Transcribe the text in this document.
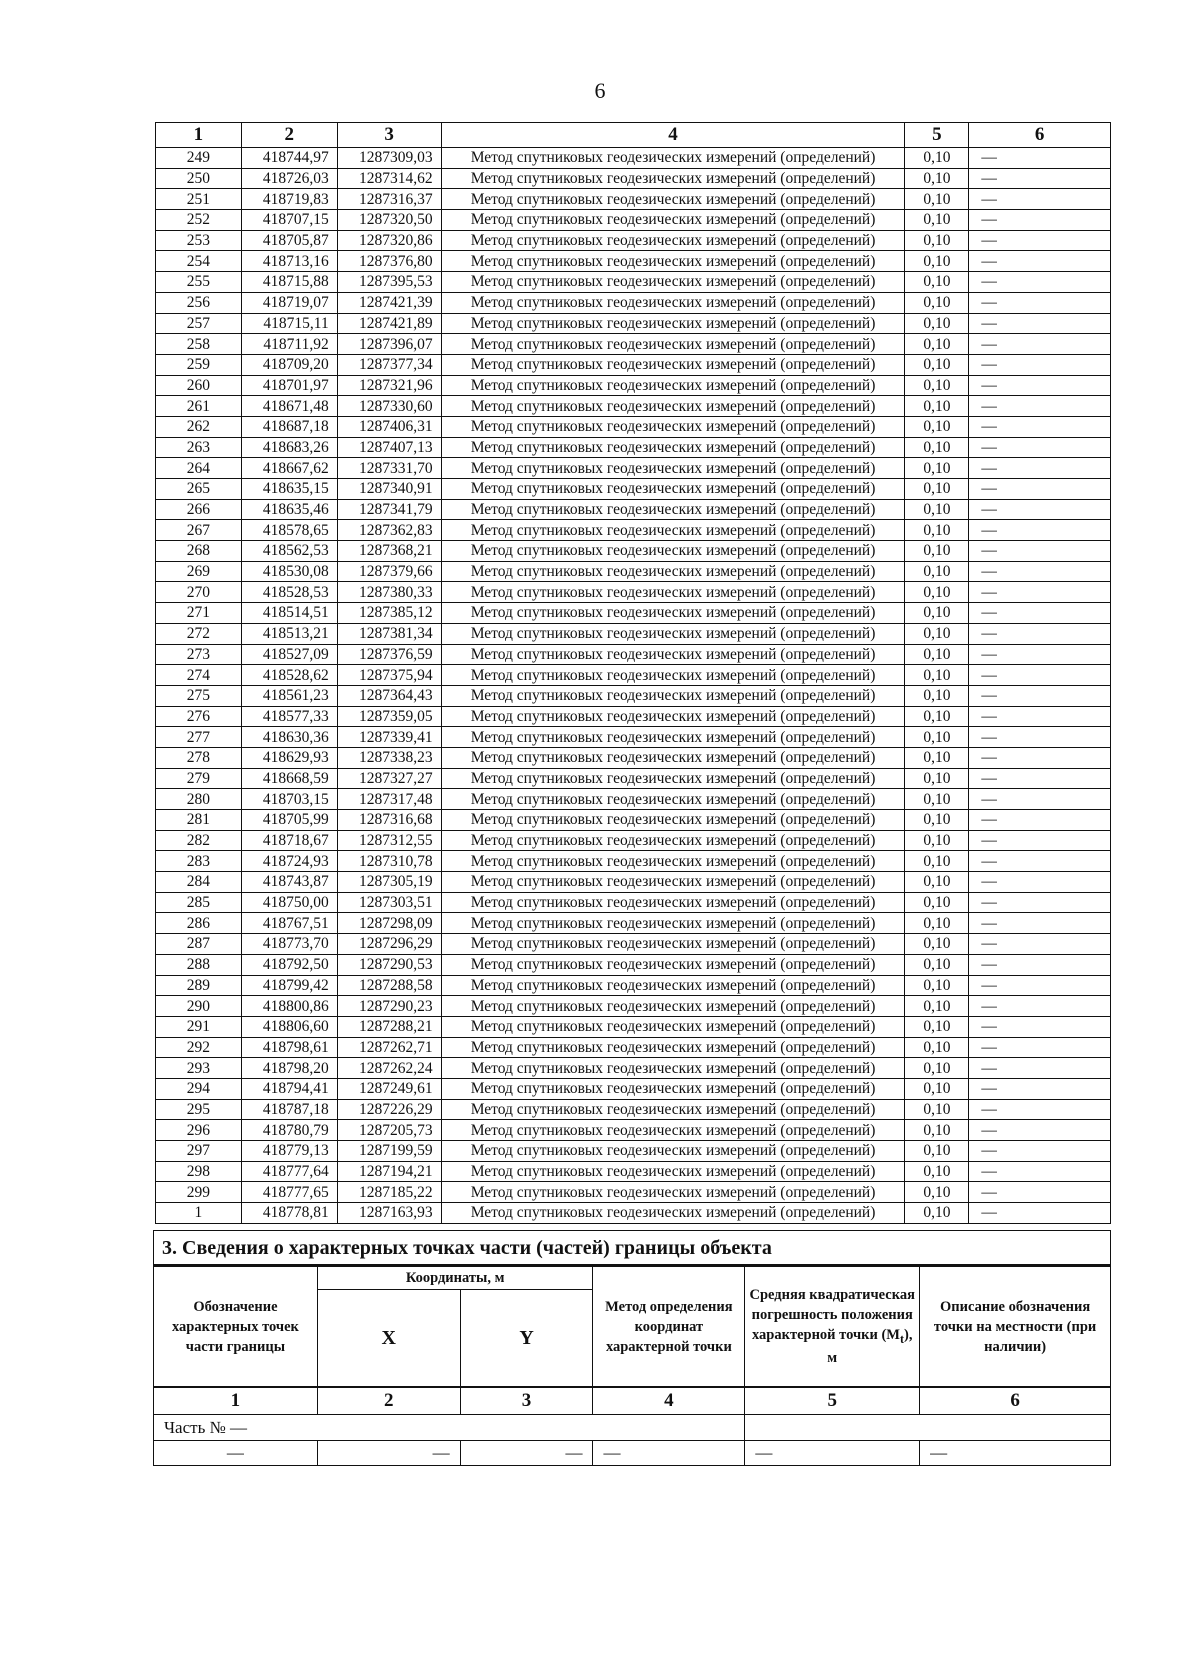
6
1	2	3	4	5	6
249	418744,97	1287309,03	Метод спутниковых геодезических измерений (определений)	0,10	—
250	418726,03	1287314,62	Метод спутниковых геодезических измерений (определений)	0,10	—
251	418719,83	1287316,37	Метод спутниковых геодезических измерений (определений)	0,10	—
252	418707,15	1287320,50	Метод спутниковых геодезических измерений (определений)	0,10	—
253	418705,87	1287320,86	Метод спутниковых геодезических измерений (определений)	0,10	—
254	418713,16	1287376,80	Метод спутниковых геодезических измерений (определений)	0,10	—
255	418715,88	1287395,53	Метод спутниковых геодезических измерений (определений)	0,10	—
256	418719,07	1287421,39	Метод спутниковых геодезических измерений (определений)	0,10	—
257	418715,11	1287421,89	Метод спутниковых геодезических измерений (определений)	0,10	—
258	418711,92	1287396,07	Метод спутниковых геодезических измерений (определений)	0,10	—
259	418709,20	1287377,34	Метод спутниковых геодезических измерений (определений)	0,10	—
260	418701,97	1287321,96	Метод спутниковых геодезических измерений (определений)	0,10	—
261	418671,48	1287330,60	Метод спутниковых геодезических измерений (определений)	0,10	—
262	418687,18	1287406,31	Метод спутниковых геодезических измерений (определений)	0,10	—
263	418683,26	1287407,13	Метод спутниковых геодезических измерений (определений)	0,10	—
264	418667,62	1287331,70	Метод спутниковых геодезических измерений (определений)	0,10	—
265	418635,15	1287340,91	Метод спутниковых геодезических измерений (определений)	0,10	—
266	418635,46	1287341,79	Метод спутниковых геодезических измерений (определений)	0,10	—
267	418578,65	1287362,83	Метод спутниковых геодезических измерений (определений)	0,10	—
268	418562,53	1287368,21	Метод спутниковых геодезических измерений (определений)	0,10	—
269	418530,08	1287379,66	Метод спутниковых геодезических измерений (определений)	0,10	—
270	418528,53	1287380,33	Метод спутниковых геодезических измерений (определений)	0,10	—
271	418514,51	1287385,12	Метод спутниковых геодезических измерений (определений)	0,10	—
272	418513,21	1287381,34	Метод спутниковых геодезических измерений (определений)	0,10	—
273	418527,09	1287376,59	Метод спутниковых геодезических измерений (определений)	0,10	—
274	418528,62	1287375,94	Метод спутниковых геодезических измерений (определений)	0,10	—
275	418561,23	1287364,43	Метод спутниковых геодезических измерений (определений)	0,10	—
276	418577,33	1287359,05	Метод спутниковых геодезических измерений (определений)	0,10	—
277	418630,36	1287339,41	Метод спутниковых геодезических измерений (определений)	0,10	—
278	418629,93	1287338,23	Метод спутниковых геодезических измерений (определений)	0,10	—
279	418668,59	1287327,27	Метод спутниковых геодезических измерений (определений)	0,10	—
280	418703,15	1287317,48	Метод спутниковых геодезических измерений (определений)	0,10	—
281	418705,99	1287316,68	Метод спутниковых геодезических измерений (определений)	0,10	—
282	418718,67	1287312,55	Метод спутниковых геодезических измерений (определений)	0,10	—
283	418724,93	1287310,78	Метод спутниковых геодезических измерений (определений)	0,10	—
284	418743,87	1287305,19	Метод спутниковых геодезических измерений (определений)	0,10	—
285	418750,00	1287303,51	Метод спутниковых геодезических измерений (определений)	0,10	—
286	418767,51	1287298,09	Метод спутниковых геодезических измерений (определений)	0,10	—
287	418773,70	1287296,29	Метод спутниковых геодезических измерений (определений)	0,10	—
288	418792,50	1287290,53	Метод спутниковых геодезических измерений (определений)	0,10	—
289	418799,42	1287288,58	Метод спутниковых геодезических измерений (определений)	0,10	—
290	418800,86	1287290,23	Метод спутниковых геодезических измерений (определений)	0,10	—
291	418806,60	1287288,21	Метод спутниковых геодезических измерений (определений)	0,10	—
292	418798,61	1287262,71	Метод спутниковых геодезических измерений (определений)	0,10	—
293	418798,20	1287262,24	Метод спутниковых геодезических измерений (определений)	0,10	—
294	418794,41	1287249,61	Метод спутниковых геодезических измерений (определений)	0,10	—
295	418787,18	1287226,29	Метод спутниковых геодезических измерений (определений)	0,10	—
296	418780,79	1287205,73	Метод спутниковых геодезических измерений (определений)	0,10	—
297	418779,13	1287199,59	Метод спутниковых геодезических измерений (определений)	0,10	—
298	418777,64	1287194,21	Метод спутниковых геодезических измерений (определений)	0,10	—
299	418777,65	1287185,22	Метод спутниковых геодезических измерений (определений)	0,10	—
1	418778,81	1287163,93	Метод спутниковых геодезических измерений (определений)	0,10	—
3. Сведения о характерных точках части (частей) границы объекта
Обозначение характерных точек части границы	Координаты, м		Метод определения координат характерной точки	Средняя квадратическая погрешность положения характерной точки $(M_t)$, м	Описание обозначения точки на местности (при наличии)
	X	Y			
1	2	3	4	5	6
Часть № —					
—	—	—	—	—	—
